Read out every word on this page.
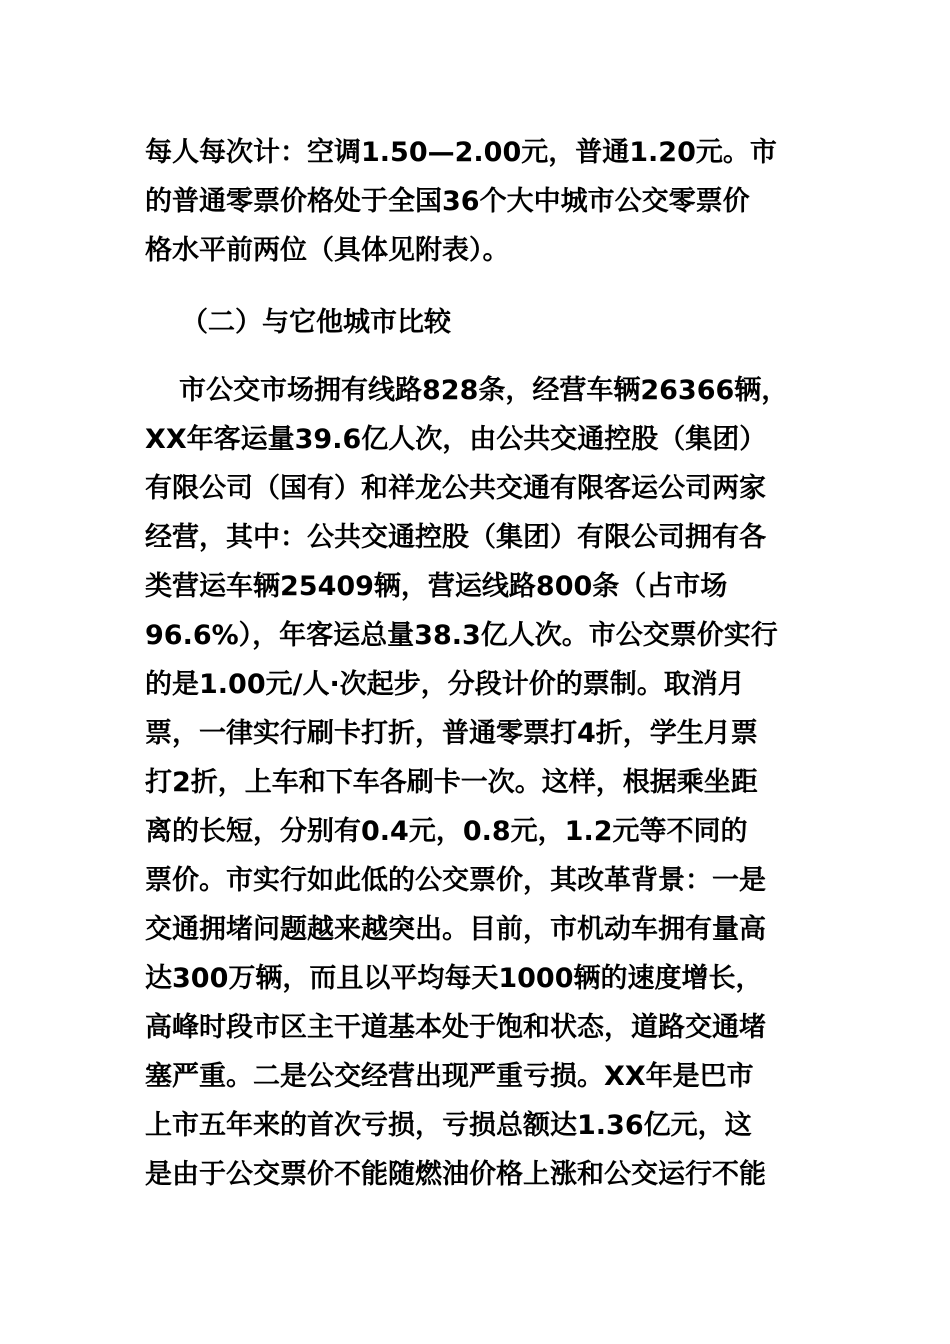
每人每次计：空调1.50—2.00元，普通1.20元。市
的普通零票价格处于全国36个大中城市公交零票价
格水平前两位（具体见附表）。
（二）与它他城市比较
市公交市场拥有线路828条，经营车辆26366辆，
XX年客运量39.6亿人次，由公共交通控股（集团）
有限公司（国有）和祥龙公共交通有限客运公司两家
经营，其中：公共交通控股（集团）有限公司拥有各
类营运车辆25409辆，营运线路800条（占市场
96.6%），年客运总量38.3亿人次。市公交票价实行
的是1.00元/人·次起步，分段计价的票制。取消月
票，一律实行刷卡打折，普通零票打4折，学生月票
打2折，上车和下车各刷卡一次。这样，根据乘坐距
离的长短，分别有0.4元，0.8元，1.2元等不同的
票价。市实行如此低的公交票价，其改革背景：一是
交通拥堵问题越来越突出。目前，市机动车拥有量高
达300万辆，而且以平均每天1000辆的速度增长，
高峰时段市区主干道基本处于饱和状态，道路交通堵
塞严重。二是公交经营出现严重亏损。XX年是巴市
上市五年来的首次亏损，亏损总额达1.36亿元，这
是由于公交票价不能随燃油价格上涨和公交运行不能
